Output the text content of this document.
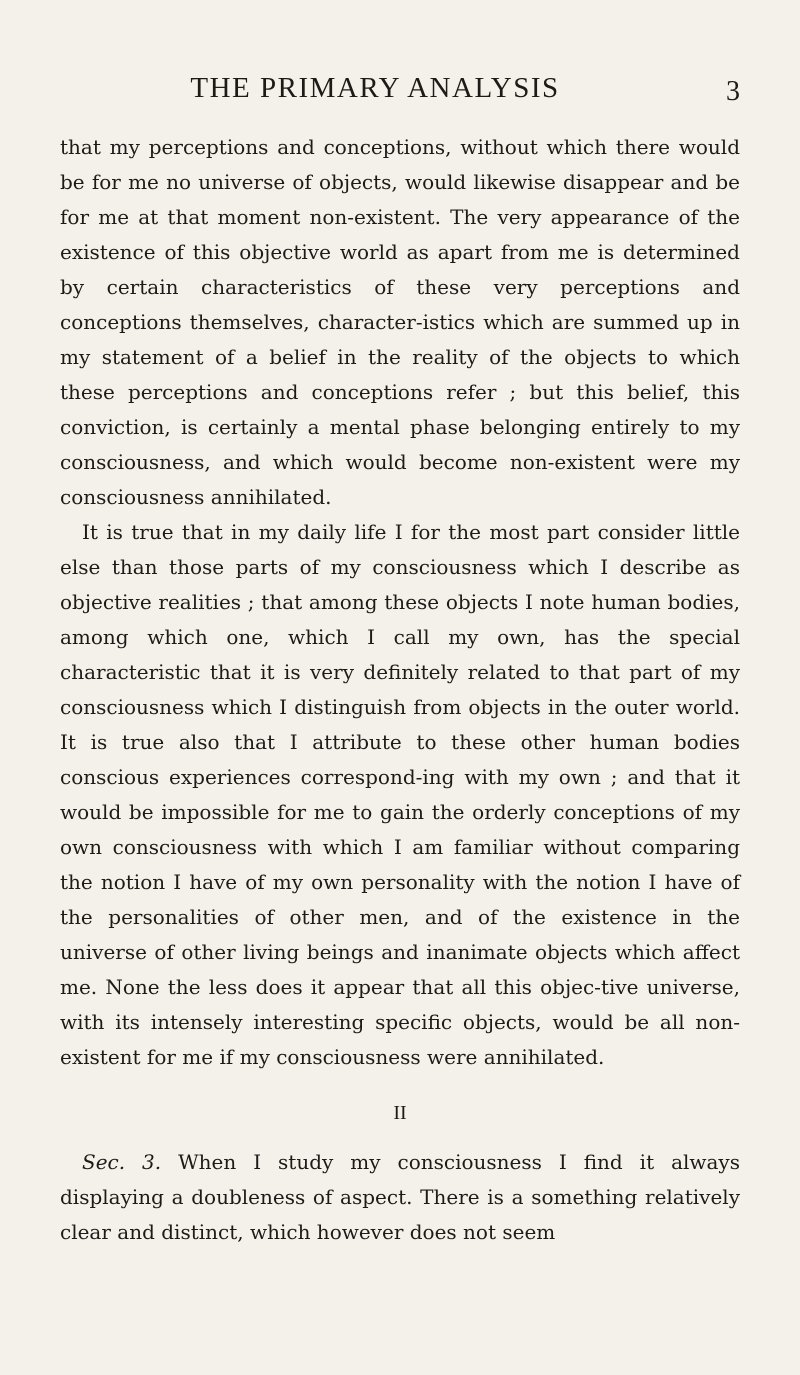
THE PRIMARY ANALYSIS	3

that my perceptions and conceptions, without which there would be for me no universe of objects, would likewise disappear and be for me at that moment non-existent. The very appearance of the existence of this objective world as apart from me is determined by certain characteristics of these very perceptions and conceptions themselves, character-istics which are summed up in my statement of a belief in the reality of the objects to which these perceptions and conceptions refer ; but this belief, this conviction, is certainly a mental phase belonging entirely to my consciousness, and which would become non-existent were my consciousness annihilated.

It is true that in my daily life I for the most part consider little else than those parts of my consciousness which I describe as objective realities ; that among these objects I note human bodies, among which one, which I call my own, has the special characteristic that it is very definitely related to that part of my consciousness which I distinguish from objects in the outer world. It is true also that I attribute to these other human bodies conscious experiences correspond-ing with my own ; and that it would be impossible for me to gain the orderly conceptions of my own consciousness with which I am familiar without comparing the notion I have of my own personality with the notion I have of the personalities of other men, and of the existence in the universe of other living beings and inanimate objects which affect me. None the less does it appear that all this objec-tive universe, with its intensely interesting specific objects, would be all non-existent for me if my consciousness were annihilated.

II

Sec. 3. When I study my consciousness I find it always displaying a doubleness of aspect. There is a something relatively clear and distinct, which however does not seem
